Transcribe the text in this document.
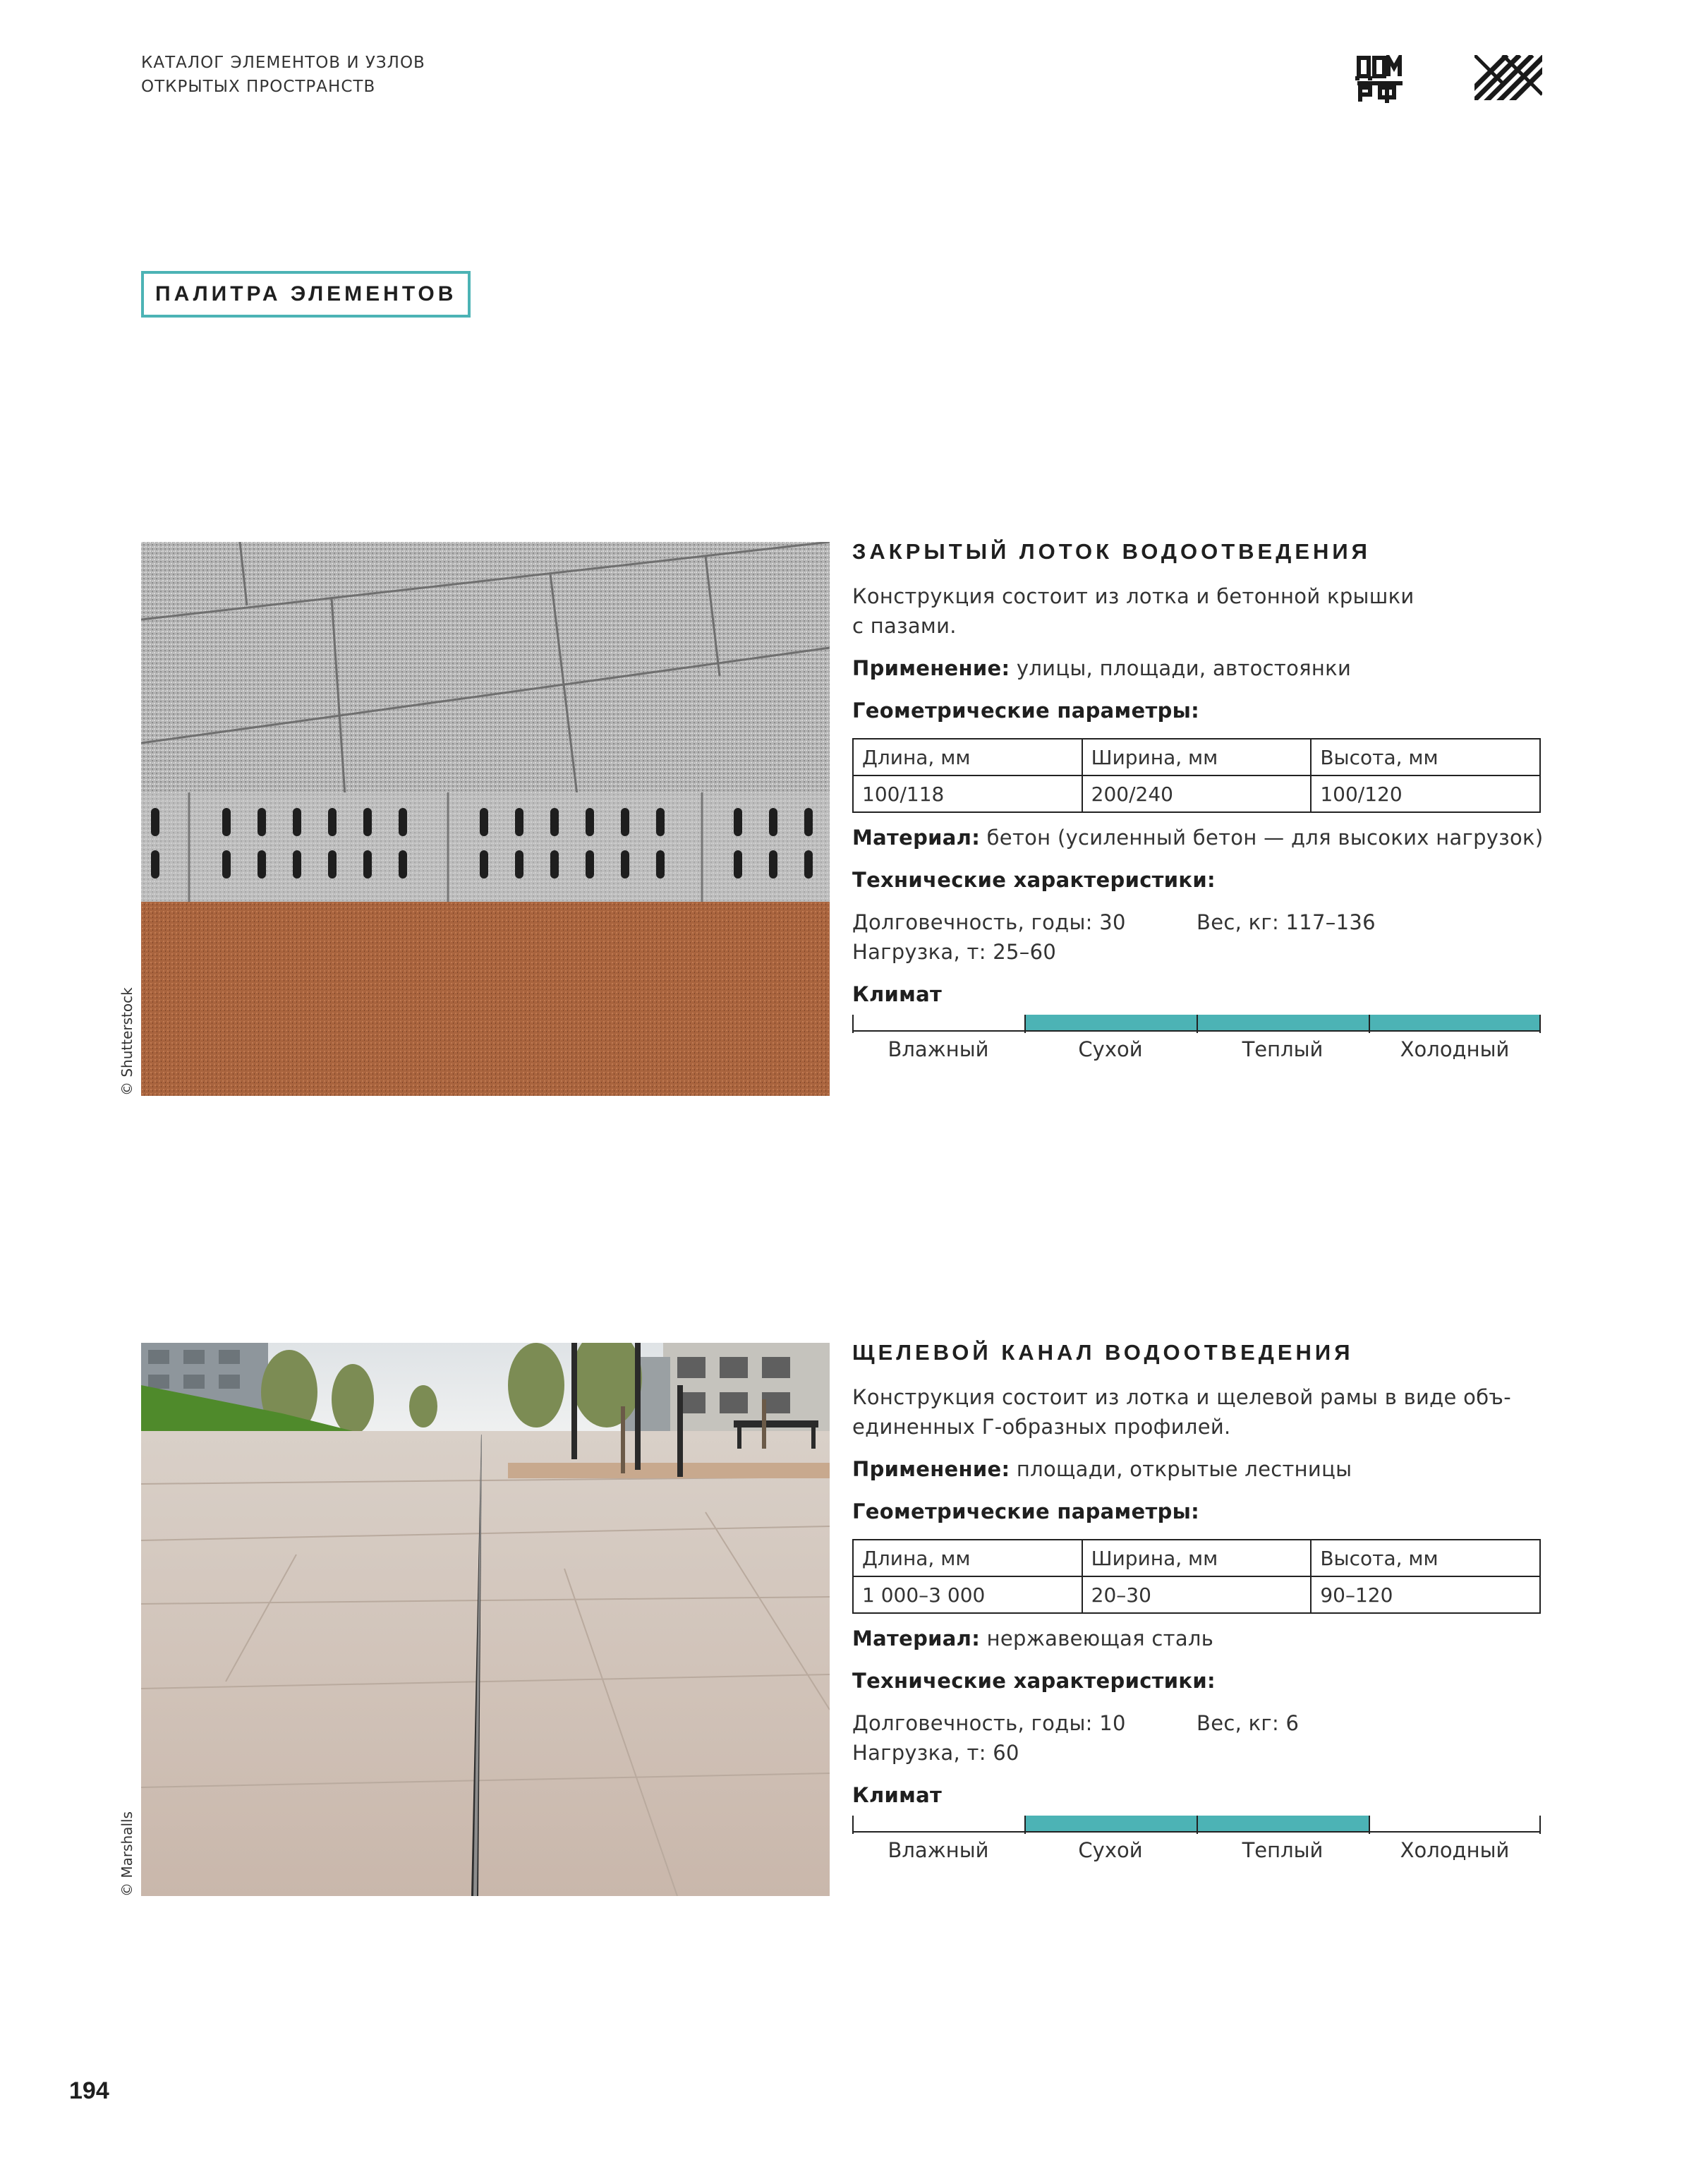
КАТАЛОГ ЭЛЕМЕНТОВ И УЗЛОВ
ОТКРЫТЫХ ПРОСТРАНСТВ
ПАЛИТРА ЭЛЕМЕНТОВ
© Shutterstock
ЗАКРЫТЫЙ ЛОТОК ВОДООТВЕДЕНИЯ
Конструкция состоит из лотка и бетонной крышки
с пазами.
Применение: улицы, площади, автостоянки
Геометрические параметры:
Длина, мм	Ширина, мм	Высота, мм
100/118	200/240	100/120
Материал: бетон (усиленный бетон — для высоких нагрузок)
Технические характеристики:
Долговечность, годы: 30	Вес, кг: 117–136
Нагрузка, т: 25–60
Климат
Влажный	Сухой	Теплый	Холодный
© Marshalls
ЩЕЛЕВОЙ КАНАЛ ВОДООТВЕДЕНИЯ
Конструкция состоит из лотка и щелевой рамы в виде объ-
единенных Г-образных профилей.
Применение: площади, открытые лестницы
Геометрические параметры:
Длина, мм	Ширина, мм	Высота, мм
1 000–3 000	20–30	90–120
Материал: нержавеющая сталь
Технические характеристики:
Долговечность, годы: 10	Вес, кг: 6
Нагрузка, т: 60
Климат
Влажный	Сухой	Теплый	Холодный
194
